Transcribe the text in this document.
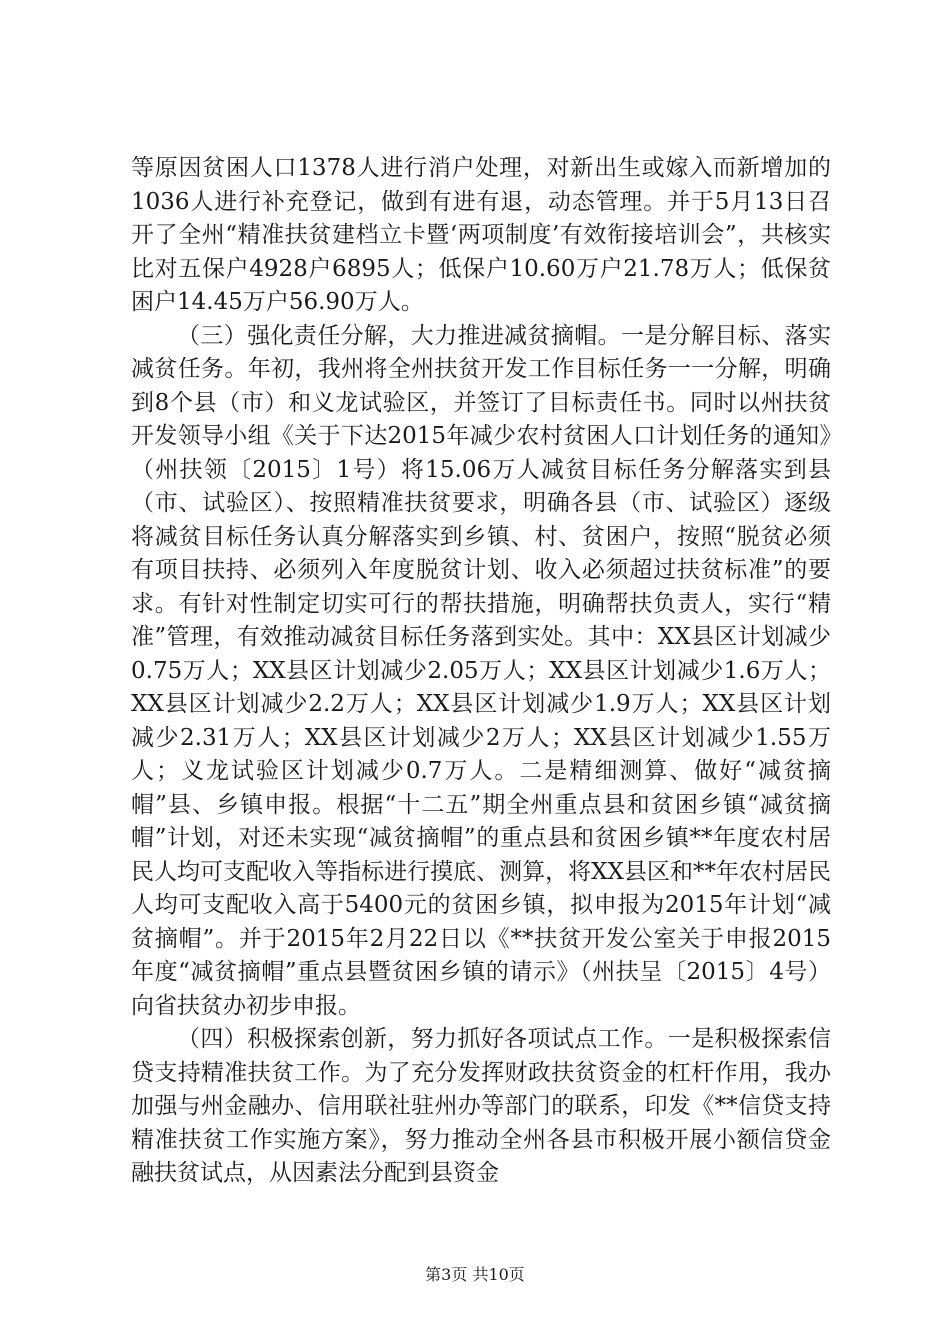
等原因贫困人口1378人进行消户处理，对新出生或嫁入而新增加的1036人进行补充登记，做到有进有退，动态管理。并于5月13日召开了全州“精准扶贫建档立卡暨‘两项制度’有效衔接培训会”，共核实比对五保户4928户6895人；低保户10.60万户21.78万人；低保贫困户14.45万户56.90万人。

（三）强化责任分解，大力推进减贫摘帽。一是分解目标、落实减贫任务。年初，我州将全州扶贫开发工作目标任务一一分解，明确到8个县（市）和义龙试验区，并签订了目标责任书。同时以州扶贫开发领导小组《关于下达2015年减少农村贫困人口计划任务的通知》（州扶领〔2015〕1号）将15.06万人减贫目标任务分解落实到县（市、试验区）、按照精准扶贫要求，明确各县（市、试验区）逐级将减贫目标任务认真分解落实到乡镇、村、贫困户，按照“脱贫必须有项目扶持、必须列入年度脱贫计划、收入必须超过扶贫标准”的要求。有针对性制定切实可行的帮扶措施，明确帮扶负责人，实行“精准”管理，有效推动减贫目标任务落到实处。其中：XX县区计划减少0.75万人；XX县区计划减少2.05万人；XX县区计划减少1.6万人；XX县区计划减少2.2万人；XX县区计划减少1.9万人；XX县区计划减少2.31万人；XX县区计划减少2万人；XX县区计划减少1.55万人；义龙试验区计划减少0.7万人。二是精细测算、做好“减贫摘帽”县、乡镇申报。根据“十二五”期全州重点县和贫困乡镇“减贫摘帽”计划，对还未实现“减贫摘帽”的重点县和贫困乡镇**年度农村居民人均可支配收入等指标进行摸底、测算，将XX县区和**年农村居民人均可支配收入高于5400元的贫困乡镇，拟申报为2015年计划“减贫摘帽”。并于2015年2月22日以《**扶贫开发公室关于申报2015年度“减贫摘帽”重点县暨贫困乡镇的请示》（州扶呈〔2015〕4号）向省扶贫办初步申报。

（四）积极探索创新，努力抓好各项试点工作。一是积极探索信贷支持精准扶贫工作。为了充分发挥财政扶贫资金的杠杆作用，我办加强与州金融办、信用联社驻州办等部门的联系，印发《**信贷支持精准扶贫工作实施方案》，努力推动全州各县市积极开展小额信贷金融扶贫试点，从因素法分配到县资金

第3页 共10页
